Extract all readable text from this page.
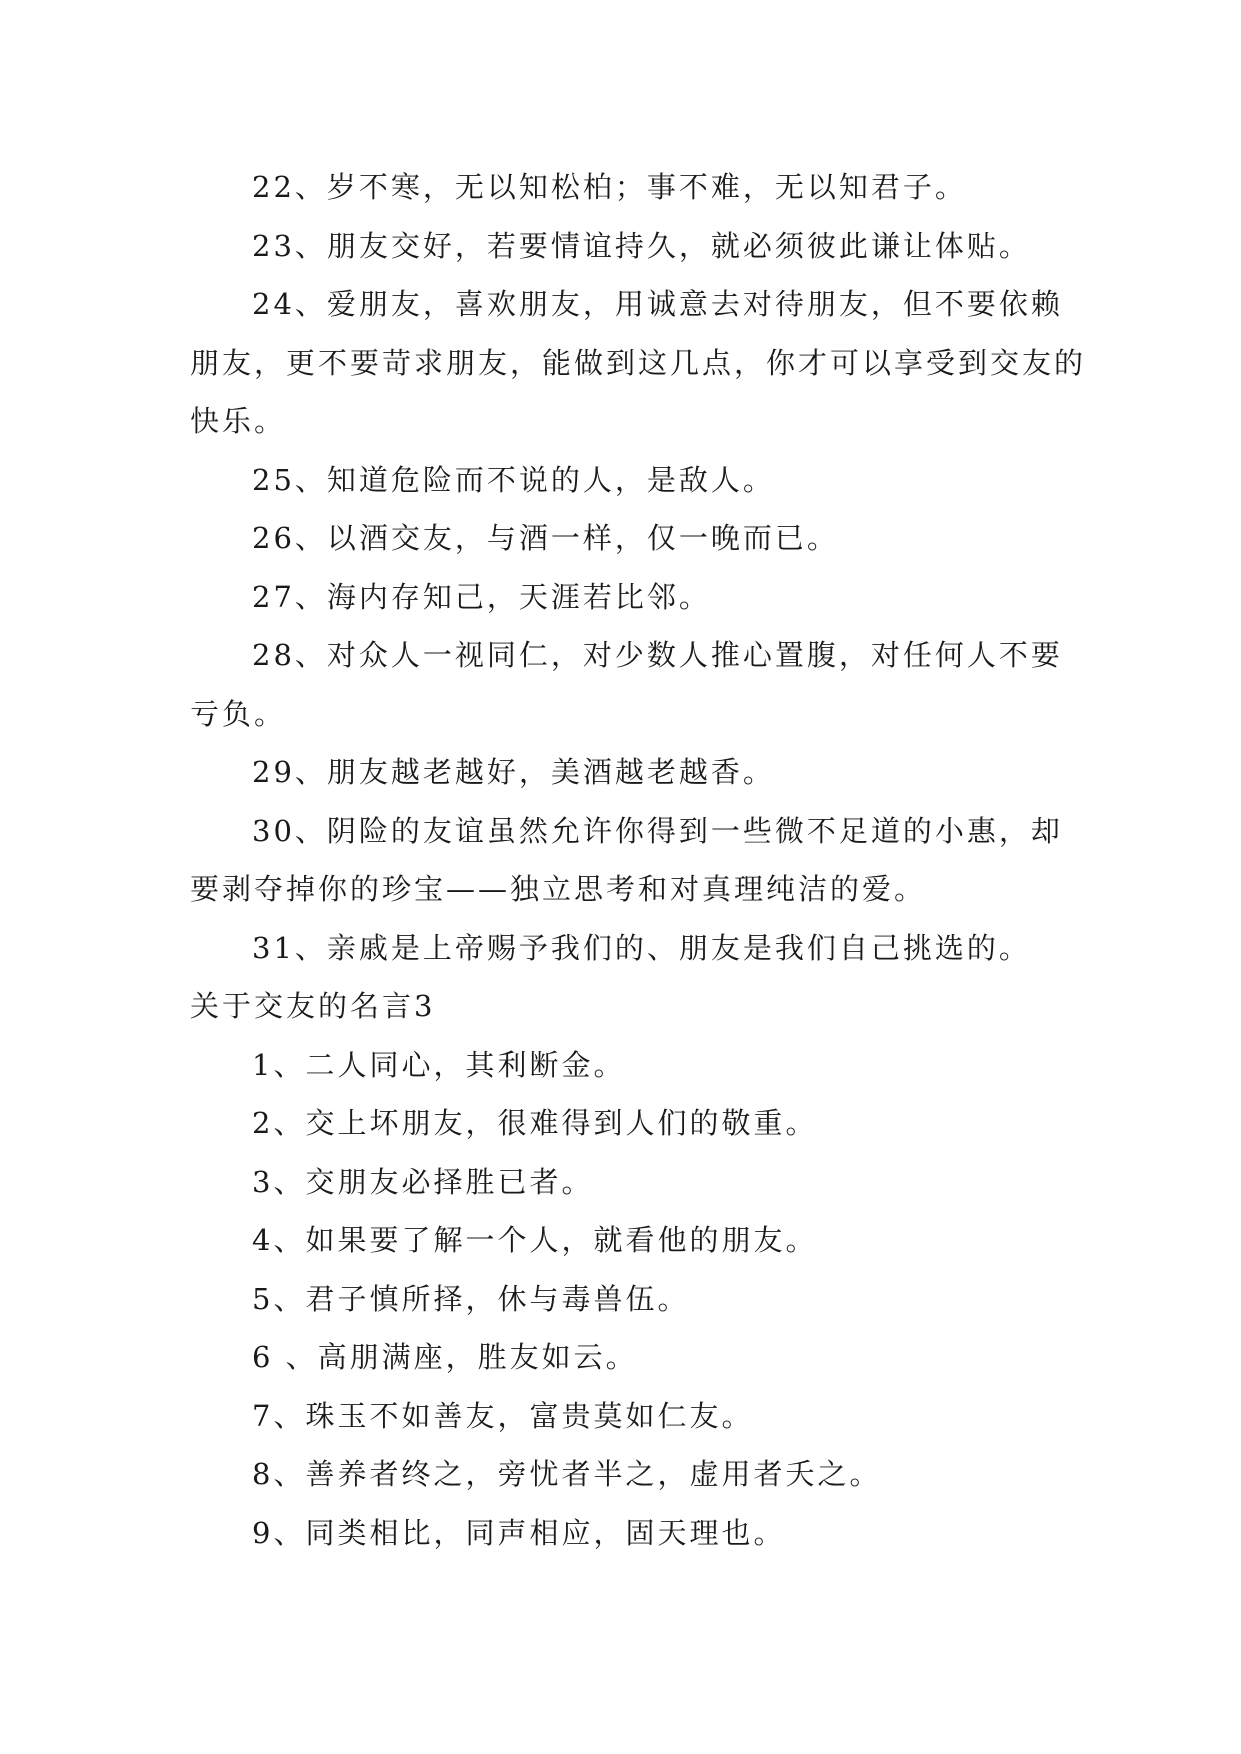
22、岁不寒，无以知松柏；事不难，无以知君子。

23、朋友交好，若要情谊持久，就必须彼此谦让体贴。

24、爱朋友，喜欢朋友，用诚意去对待朋友，但不要依赖朋友，更不要苛求朋友，能做到这几点，你才可以享受到交友的快乐。

25、知道危险而不说的人，是敌人。

26、以酒交友，与酒一样，仅一晚而已。

27、海内存知己，天涯若比邻。

28、对众人一视同仁，对少数人推心置腹，对任何人不要亏负。

29、朋友越老越好，美酒越老越香。

30、阴险的友谊虽然允许你得到一些微不足道的小惠，却要剥夺掉你的珍宝——独立思考和对真理纯洁的爱。

31、亲戚是上帝赐予我们的、朋友是我们自己挑选的。

关于交友的名言3

1、二人同心，其利断金。

2、交上坏朋友，很难得到人们的敬重。

3、交朋友必择胜已者。

4、如果要了解一个人，就看他的朋友。

5、君子慎所择，休与毒兽伍。

6 、高朋满座，胜友如云。

7、珠玉不如善友，富贵莫如仁友。

8、善养者终之，旁忧者半之，虚用者夭之。

9、同类相比，同声相应，固天理也。
